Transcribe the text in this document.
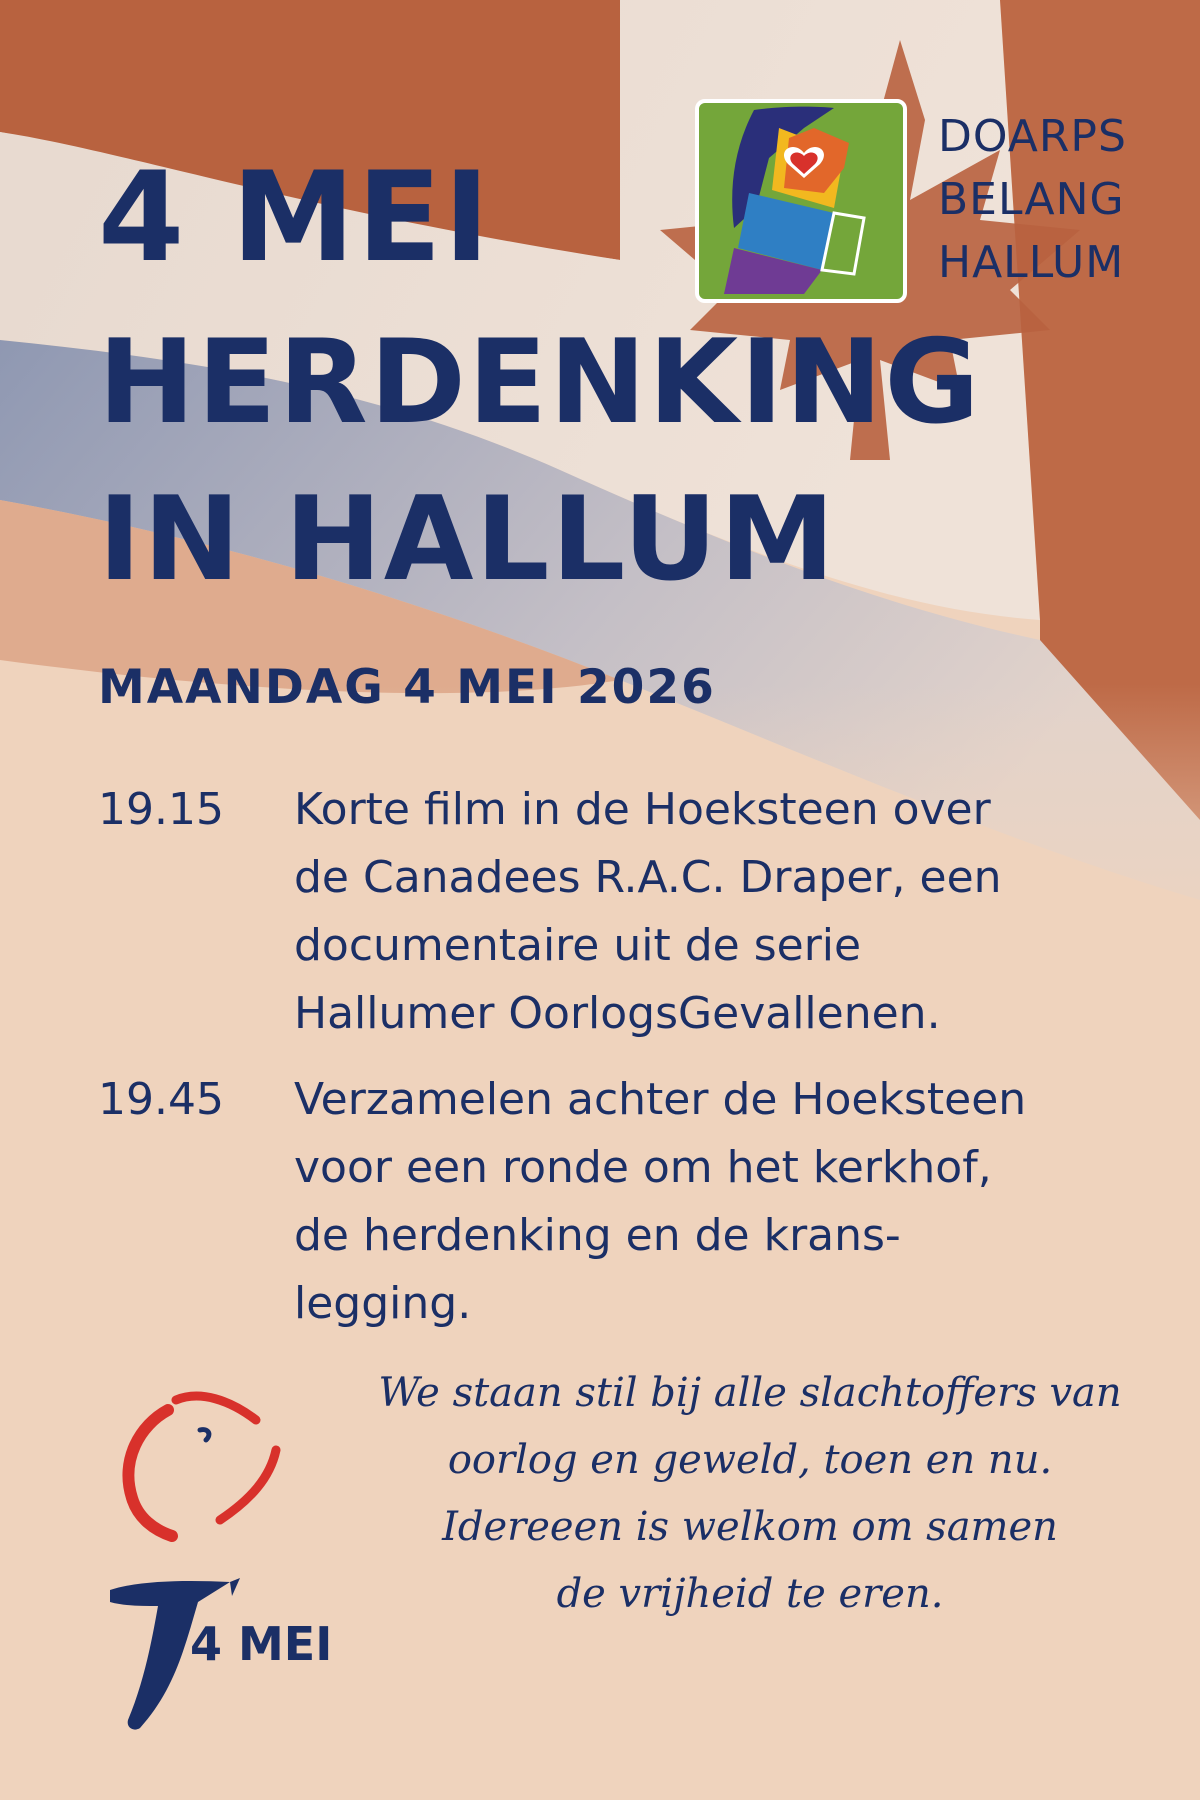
4 MEI
HERDENKING
IN HALLUM
DOARPS
BELANG
HALLUM
MAANDAG 4 MEI 2026
19.15 Korte film in de Hoeksteen over
de Canadees R.A.C. Draper, een
documentaire uit de serie
Hallumer OorlogsGevallenen.
19.45 Verzamelen achter de Hoeksteen
voor een ronde om het kerkhof,
de herdenking en de krans-
legging.
4 MEI
We staan stil bij alle slachtoffers van
oorlog en geweld, toen en nu.
Idereeen is welkom om samen
de vrijheid te eren.
